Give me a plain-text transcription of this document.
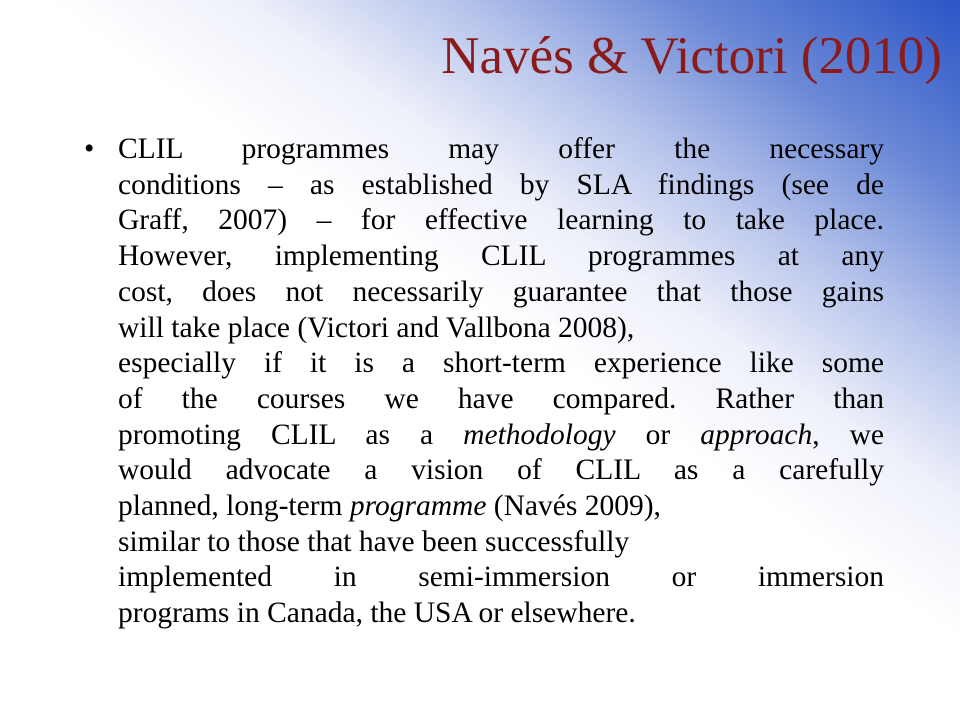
Navés & Victori (2010)
• CLIL programmes may offer the necessary
conditions – as established by SLA findings (see de
Graff, 2007) – for effective learning to take place.
However, implementing CLIL programmes at any
cost, does not necessarily guarantee that those gains
will take place (Victori and Vallbona 2008),
especially if it is a short-term experience like some
of the courses we have compared. Rather than
promoting CLIL as a methodology or approach, we
would advocate a vision of CLIL as a carefully
planned, long-term programme (Navés 2009),
similar to those that have been successfully
implemented in semi-immersion or immersion
programs in Canada, the USA or elsewhere.
